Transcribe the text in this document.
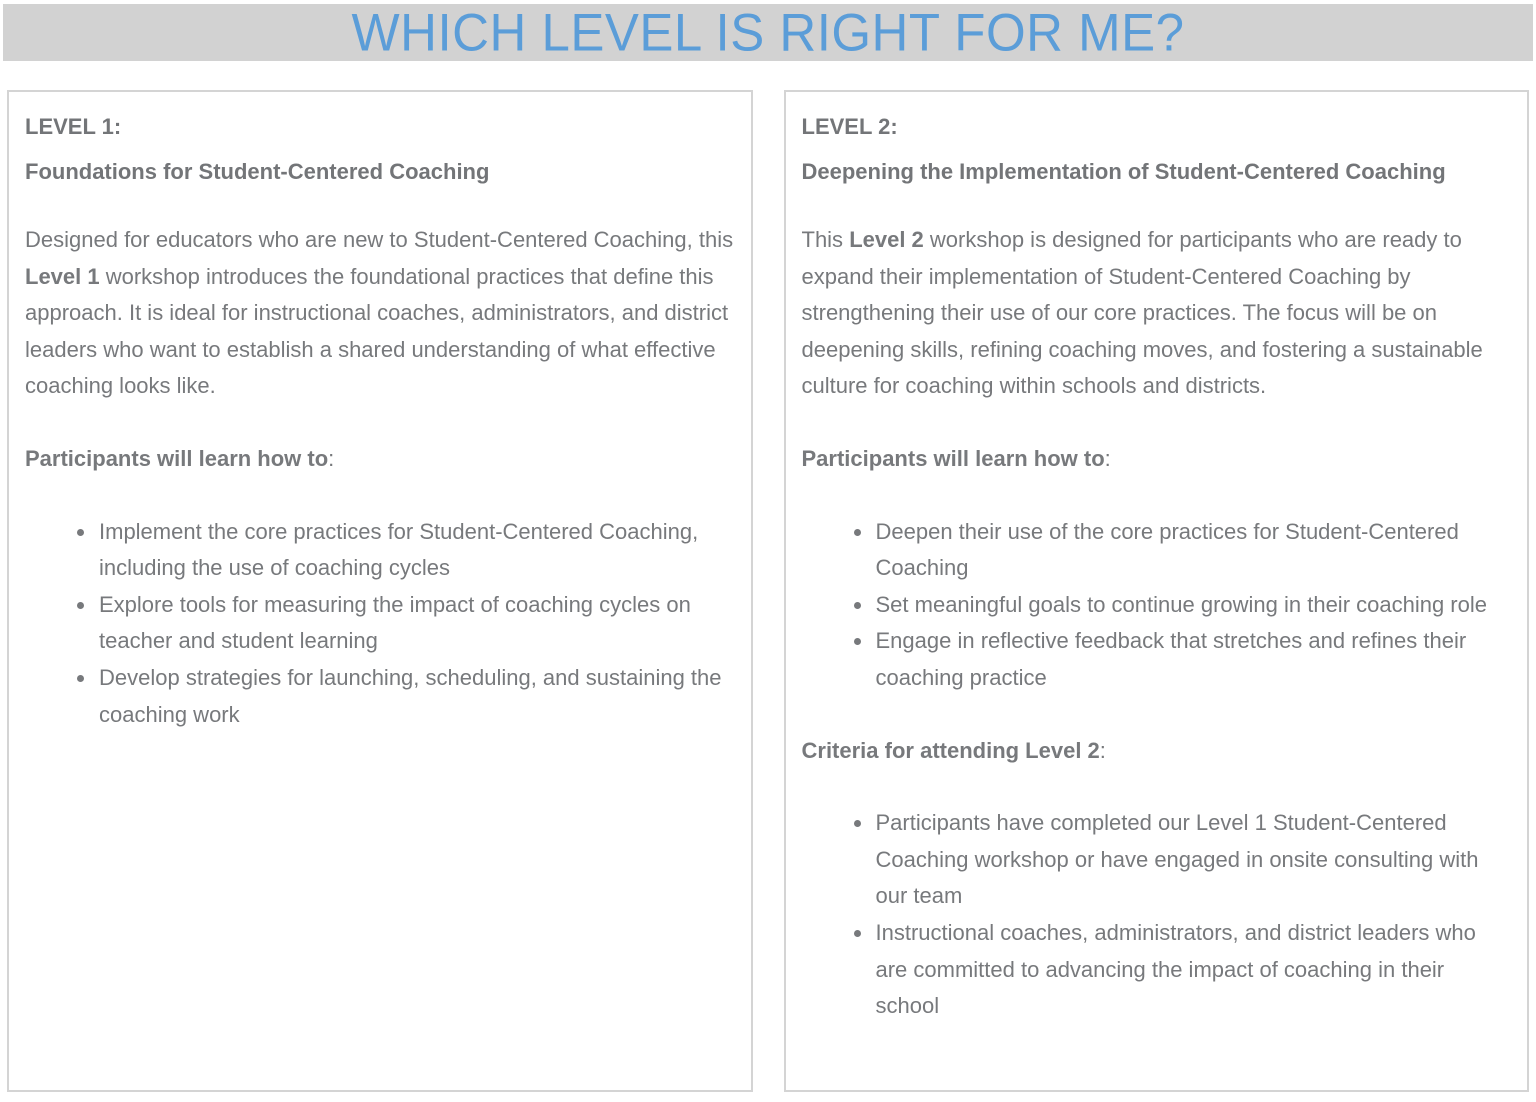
WHICH LEVEL IS RIGHT FOR ME?
LEVEL 1:
Foundations for Student-Centered Coaching

Designed for educators who are new to Student-Centered Coaching, this Level 1 workshop introduces the foundational practices that define this approach. It is ideal for instructional coaches, administrators, and district leaders who want to establish a shared understanding of what effective coaching looks like.

Participants will learn how to:
• Implement the core practices for Student-Centered Coaching, including the use of coaching cycles
• Explore tools for measuring the impact of coaching cycles on teacher and student learning
• Develop strategies for launching, scheduling, and sustaining the coaching work
LEVEL 2:
Deepening the Implementation of Student-Centered Coaching

This Level 2 workshop is designed for participants who are ready to expand their implementation of Student-Centered Coaching by strengthening their use of our core practices. The focus will be on deepening skills, refining coaching moves, and fostering a sustainable culture for coaching within schools and districts.

Participants will learn how to:
• Deepen their use of the core practices for Student-Centered Coaching
• Set meaningful goals to continue growing in their coaching role
• Engage in reflective feedback that stretches and refines their coaching practice
Criteria for attending Level 2:
• Participants have completed our Level 1 Student-Centered Coaching workshop or have engaged in onsite consulting with our team
• Instructional coaches, administrators, and district leaders who are committed to advancing the impact of coaching in their school
